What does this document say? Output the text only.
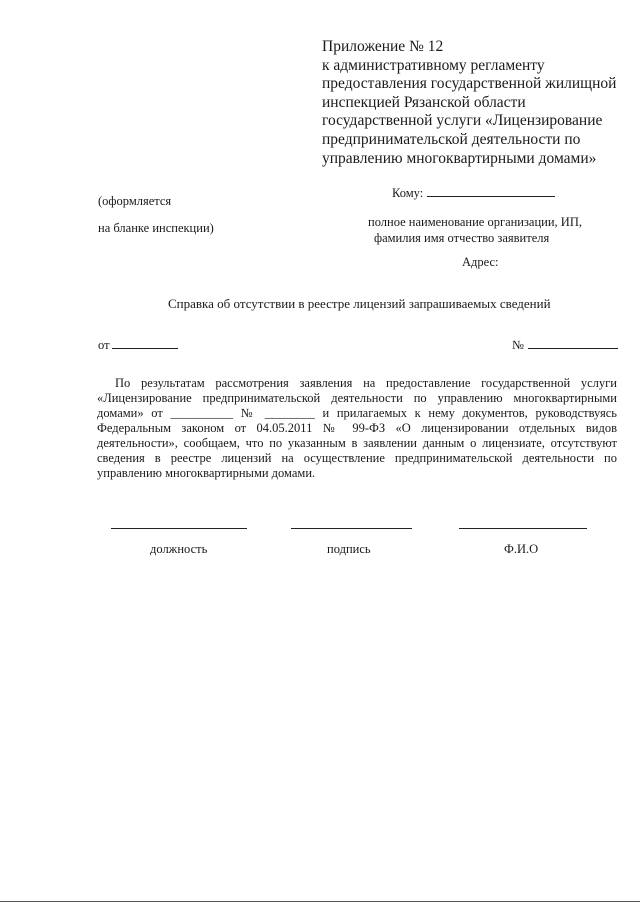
Приложение № 12
к административному регламенту
предоставления государственной жилищной
инспекцией Рязанской области
государственной услуги «Лицензирование
предпринимательской деятельности по
управлению многоквартирными домами»
(оформляется
на бланке инспекции)
Кому:
полное наименование организации, ИП,
фамилия имя отчество заявителя
Адрес:
Справка об отсутствии в реестре лицензий запрашиваемых сведений
от	№
По результатам рассмотрения заявления на предоставление государственной услуги
«Лицензирование предпринимательской деятельности по управлению многоквартирными
домами» от __________ № ________ и прилагаемых к нему документов, руководствуясь
Федеральным законом от 04.05.2011 № 99-ФЗ «О лицензировании отдельных видов
деятельности», сообщаем, что по указанным в заявлении данным о лицензиате, отсутствуют
сведения в реестре лицензий на осуществление предпринимательской деятельности по
управлению многоквартирными домами.
должность	подпись	Ф.И.О
